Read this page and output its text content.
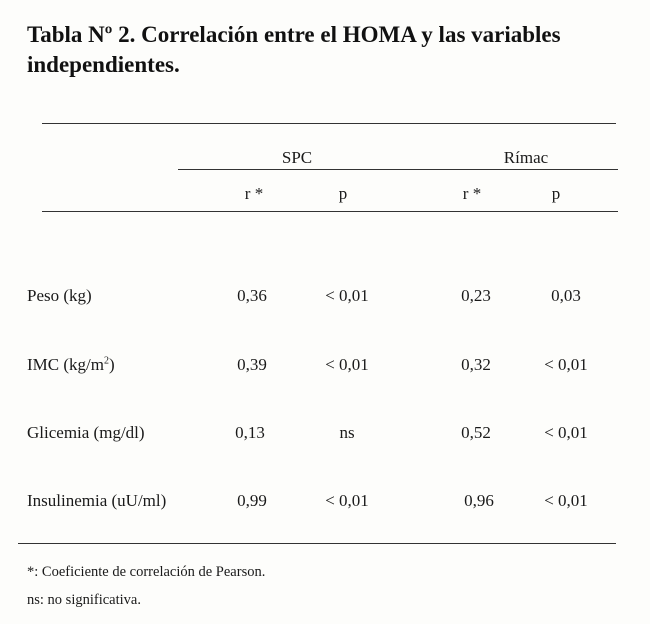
Tabla Nº 2. Correlación entre el HOMA y las variables independientes.
SPC	Rímac
r *	p	r *	p
Peso (kg)	0,36	< 0,01	0,23	0,03
IMC $(kg/m^2)$	0,39	< 0,01	0,32	< 0,01
Glicemia (mg/dl)	0,13	ns	0,52	< 0,01
Insulinemia (uU/ml)	0,99	< 0,01	0,96	< 0,01
*: Coeficiente de correlación de Pearson.
ns: no significativa.
